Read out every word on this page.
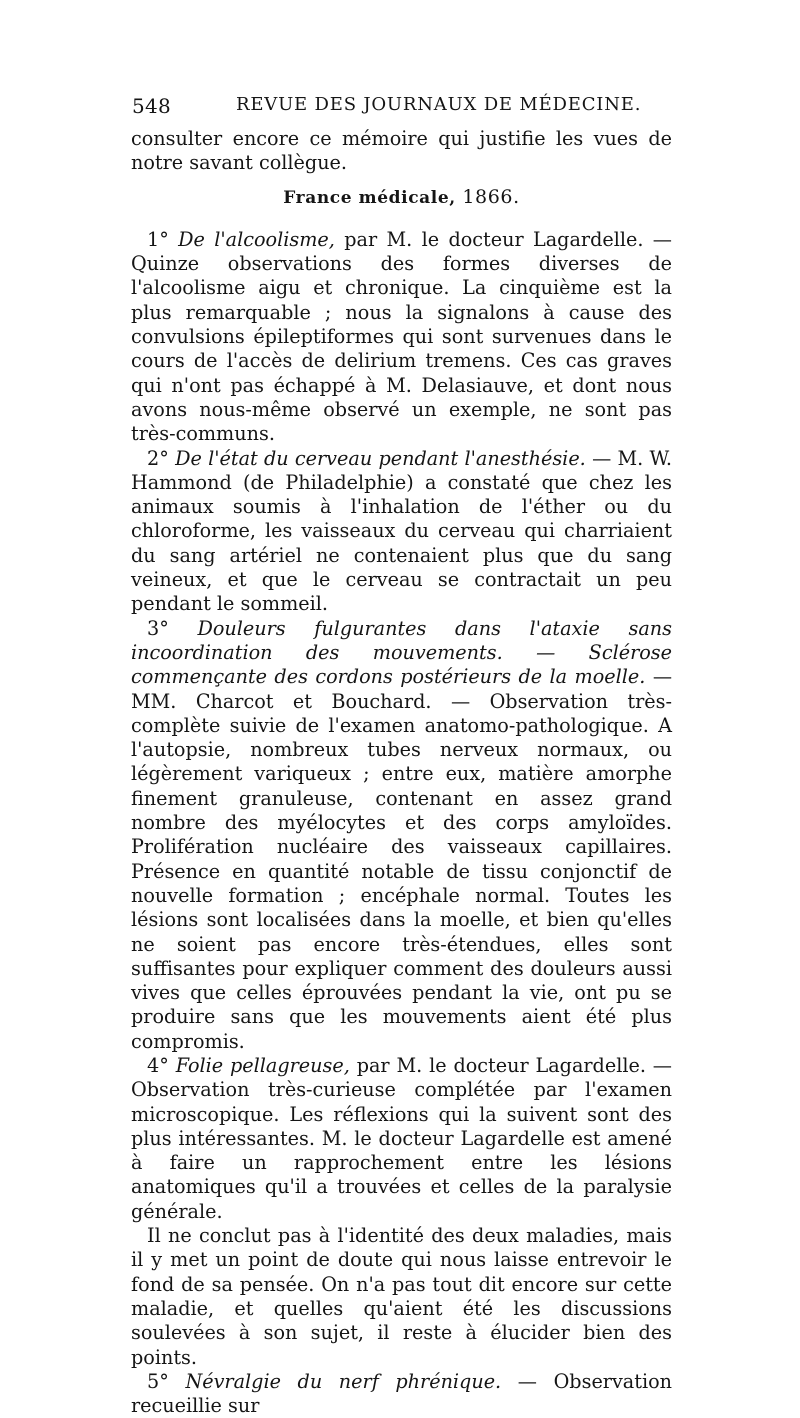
548	REVUE DES JOURNAUX DE MÉDECINE.

consulter encore ce mémoire qui justifie les vues de notre savant collègue.

France médicale, 1866.

1° De l'alcoolisme, par M. le docteur Lagardelle. — Quinze observations des formes diverses de l'alcoolisme aigu et chronique. La cinquième est la plus remarquable ; nous la signalons à cause des convulsions épileptiformes qui sont survenues dans le cours de l'accès de delirium tremens. Ces cas graves qui n'ont pas échappé à M. Delasiauve, et dont nous avons nous-même observé un exemple, ne sont pas très-communs.

2° De l'état du cerveau pendant l'anesthésie. — M. W. Hammond (de Philadelphie) a constaté que chez les animaux soumis à l'inhalation de l'éther ou du chloroforme, les vaisseaux du cerveau qui charriaient du sang artériel ne contenaient plus que du sang veineux, et que le cerveau se contractait un peu pendant le sommeil.

3° Douleurs fulgurantes dans l'ataxie sans incoordination des mouvements. — Sclérose commençante des cordons postérieurs de la moelle. — MM. Charcot et Bouchard. — Observation très-complète suivie de l'examen anatomo-pathologique. A l'autopsie, nombreux tubes nerveux normaux, ou légèrement variqueux ; entre eux, matière amorphe finement granuleuse, contenant en assez grand nombre des myélocytes et des corps amyloïdes. Prolifération nucléaire des vaisseaux capillaires. Présence en quantité notable de tissu conjonctif de nouvelle formation ; encéphale normal. Toutes les lésions sont localisées dans la moelle, et bien qu'elles ne soient pas encore très-étendues, elles sont suffisantes pour expliquer comment des douleurs aussi vives que celles éprouvées pendant la vie, ont pu se produire sans que les mouvements aient été plus compromis.

4° Folie pellagreuse, par M. le docteur Lagardelle. — Observation très-curieuse complétée par l'examen microscopique. Les réflexions qui la suivent sont des plus intéressantes. M. le docteur Lagardelle est amené à faire un rapprochement entre les lésions anatomiques qu'il a trouvées et celles de la paralysie générale.

Il ne conclut pas à l'identité des deux maladies, mais il y met un point de doute qui nous laisse entrevoir le fond de sa pensée. On n'a pas tout dit encore sur cette maladie, et quelles qu'aient été les discussions soulevées à son sujet, il reste à élucider bien des points.

5° Névralgie du nerf phrénique. — Observation recueillie sur
